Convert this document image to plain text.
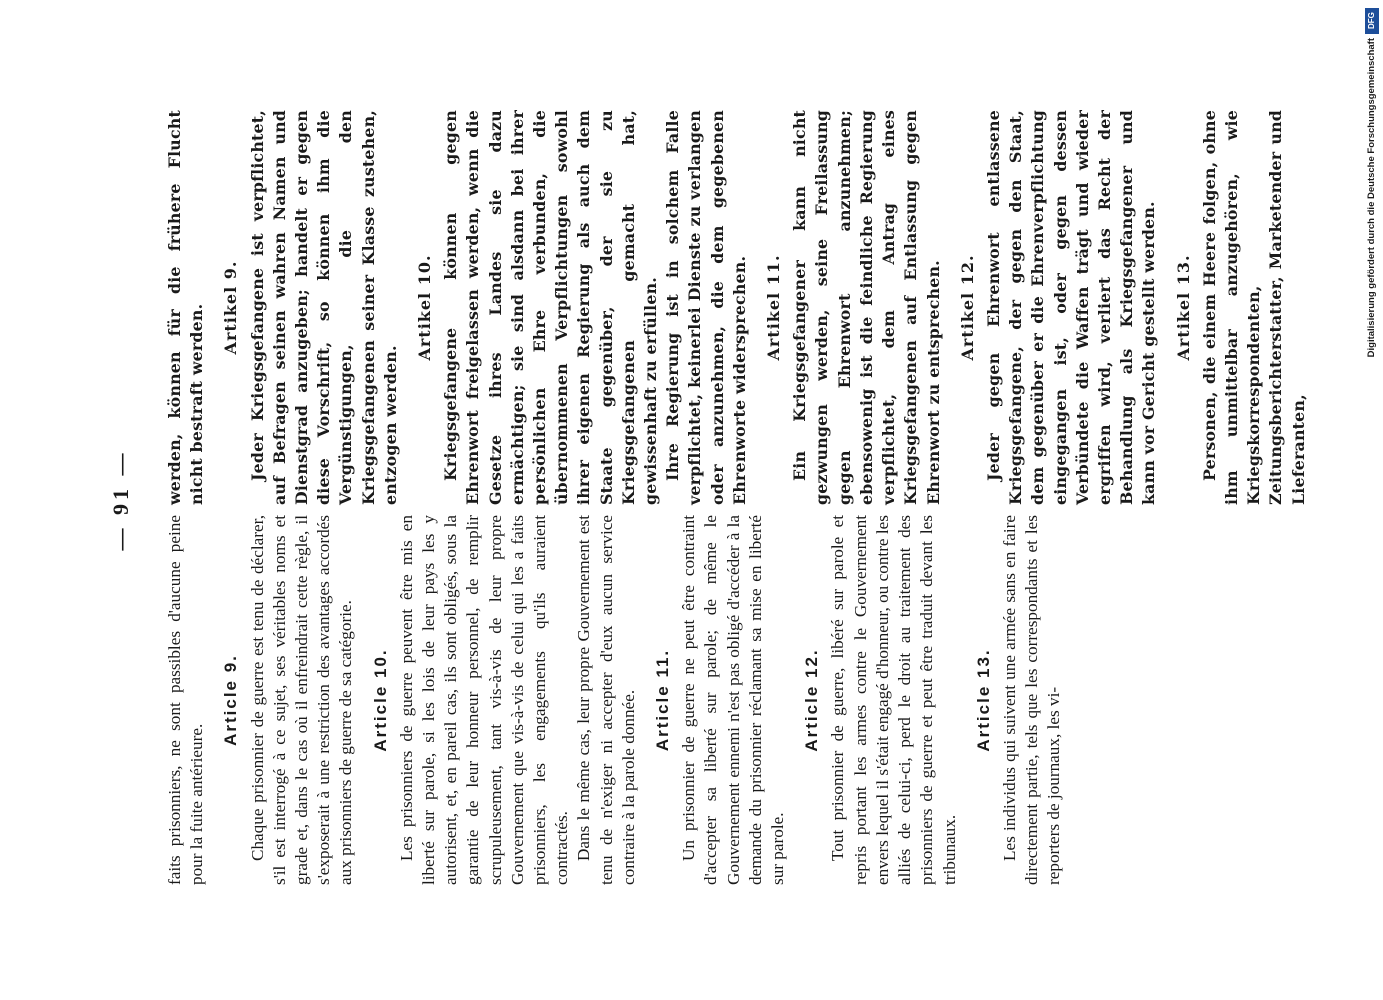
— 91 —

faits prisonniers, ne sont passibles d'aucune peine pour la fuite antérieure.

Article 9. Chaque prisonnier de guerre est tenu de déclarer, s'il est interrogé à ce sujet, ses véritables noms et grade et, dans le cas où il enfreindrait cette règle, il s'exposerait à une restriction des avantages accordés aux prisonniers de guerre de sa catégorie. Article 10. Les prisonniers de guerre peuvent être mis en liberté sur parole, si les lois de leur pays les y autorisent, et, en pareil cas, ils sont obligés, sous la garantie de leur honneur personnel, de remplir scrupuleusement, tant vis-à-vis de leur propre Gouvernement que vis-à-vis de celui qui les a faits prisonniers, les engagements qu'ils auraient contractés. Dans le même cas, leur propre Gouvernement est tenu de n'exiger ni accepter d'eux aucun service contraire à la parole donnée. Article 11. Un prisonnier de guerre ne peut être contraint d'accepter sa liberté sur parole; de même le Gouvernement ennemi n'est pas obligé d'accéder à la demande du prisonnier réclamant sa mise en liberté sur parole.

Article 12. Tout prisonnier de guerre, libéré sur parole et repris portant les armes contre le Gouvernement envers lequel il s'était engagé d'honneur, ou contre les alliés de celui-ci, perd le droit au traitement des prisonniers de guerre et peut être traduit devant les tribunaux.

Article 13. Les individus qui suivent une armée sans en faire directement partie, tels que les correspondants et les reporters de journaux, les vi-

werden, können für die frühere Flucht nicht bestraft werden. Artikel 9. Jeder Kriegsgefangene ist verpflichtet, auf Befragen seinen wahren Namen und Dienstgrad anzugeben; handelt er gegen diese Vorschrift, so können ihm die Vergünstigungen, die den Kriegsgefangenen seiner Klasse zustehen, entzogen werden.

Artikel 10. Kriegsgefangene können gegen Ehrenwort freigelassen werden, wenn die Gesetze ihres Landes sie dazu ermächtigen; sie sind alsdann bei ihrer persönlichen Ehre verbunden, die übernommenen Verpflichtungen sowohl ihrer eigenen Regierung als auch dem Staate gegenüber, der sie zu Kriegsgefangenen gemacht hat, gewissenhaft zu erfüllen. Ihre Regierung ist in solchem Falle verpflichtet, keinerlei Dienste zu verlangen oder anzunehmen, die dem gegebenen Ehrenworte widersprechen. Artikel 11. Ein Kriegsgefangener kann nicht gezwungen werden, seine Freilassung gegen Ehrenwort anzunehmen; ebensowenig ist die feindliche Regierung verpflichtet, dem Antrag eines Kriegsgefangenen auf Entlassung gegen Ehrenwort zu entsprechen. Artikel 12. Jeder gegen Ehrenwort entlassene Kriegsgefangene, der gegen den Staat, dem gegenüber er die Ehrenverpflichtung eingegangen ist, oder gegen dessen Verbündete die Waffen trägt und wieder ergriffen wird, verliert das Recht der Behandlung als Kriegsgefangener und kann vor Gericht gestellt werden. Artikel 13. Personen, die einem Heere folgen, ohne ihm unmittelbar anzugehören, wie Kriegskorrespondenten, Zeitungsberichterstatter, Marketender und Lieferanten,

DFG
Digitalisierung gefördert durch die Deutsche Forschungsgemeinschaft
